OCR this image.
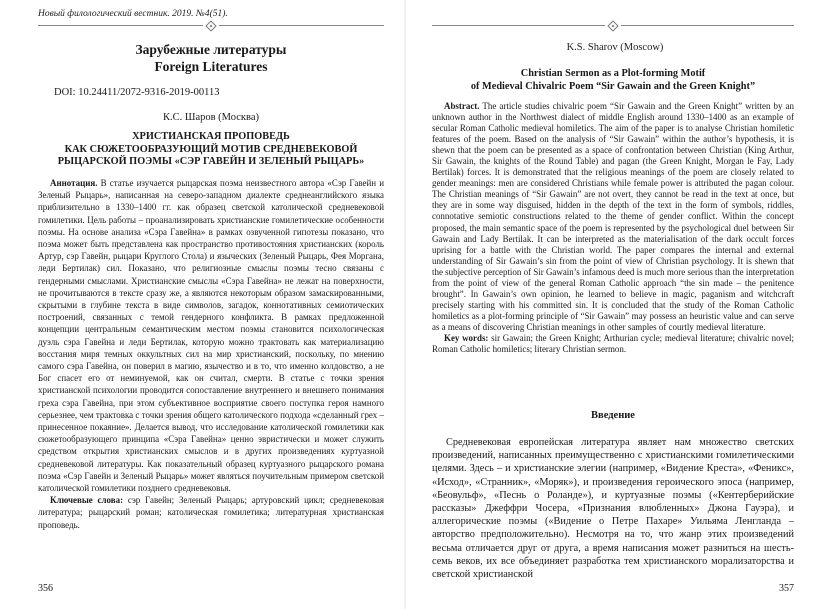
Новый филологический вестник. 2019. №4(51).
Зарубежные литературы
Foreign Literatures
DOI: 10.24411/2072-9316-2019-00113
К.С. Шаров (Москва)
ХРИСТИАНСКАЯ ПРОПОВЕДЬ
КАК СЮЖЕТООБРАЗУЮЩИЙ МОТИВ СРЕДНЕВЕКОВОЙ
РЫЦАРСКОЙ ПОЭМЫ «СЭР ГАВЕЙН И ЗЕЛЕНЫЙ РЫЦАРЬ»

Аннотация. В статье изучается рыцарская поэма неизвестного автора «Сэр Гавейн и Зеленый Рыцарь», написанная на северо-западном диалекте среднеанглийского языка приблизительно в 1330–1400 гг. как образец светской католической средневековой гомилетики. Цель работы – проанализировать христианские гомилетические особенности поэмы. На основе анализа «Сэра Гавейна» в рамках озвученной гипотезы показано, что поэма может быть представлена как пространство противостояния христианских (король Артур, сэр Гавейн, рыцари Круглого Стола) и языческих (Зеленый Рыцарь, Фея Моргана, леди Бертилак) сил. Показано, что религиозные смыслы поэмы тесно связаны с гендерными смыслами. Христианские смыслы «Сэра Гавейна» не лежат на поверхности, не прочитываются в тексте сразу же, а являются некоторым образом замаскированными, скрытыми в глубине текста в виде символов, загадок, коннотативных семиотических построений, связанных с темой гендерного конфликта. В рамках предложенной концепции центральным семантическим местом поэмы становится психологическая дуэль сэра Гавейна и леди Бертилак, которую можно трактовать как материализацию восстания миря темных оккультных сил на мир христианский, поскольку, по мнению самого сэра Гавейна, он поверил в магию, язычество и в то, что именно колдовство, а не Бог спасет его от неминуемой, как он считал, смерти. В статье с точки зрения христианской психологии проводится сопоставление внутреннего и внешнего понимания греха сэра Гавейна, при этом субъективное восприятие своего поступка героя намного серьезнее, чем трактовка с точки зрения общего католического подхода «сделанный грех – принесенное покаяние». Делается вывод, что исследование католической гомилетики как сюжетообразующего принципа «Сэра Гавейна» ценно эвристически и может служить средством открытия христианских смыслов и в других произведениях куртуазной средневековой литературы. Как показательный образец куртуазного рыцарского романа поэма «Сэр Гавейн и Зеленый Рыцарь» может являться поучительным примером светской католической гомилетики позднего средневековья.

Ключевые слова: сэр Гавейн; Зеленый Рыцарь; артуровский цикл; средневековая литература; рыцарский роман; католическая гомилетика; литературная христианская проповедь.

356
K.S. Sharov (Moscow)
Christian Sermon as a Plot-forming Motif
of Medieval Chivalric Poem “Sir Gawain and the Green Knight”

Abstract. The article studies chivalric poem “Sir Gawain and the Green Knight” written by an unknown author in the Northwest dialect of middle English around 1330–1400 as an example of secular Roman Catholic medieval homiletics. The aim of the paper is to analyse Christian homiletic features of the poem. Based on the analysis of “Sir Gawain” within the author’s hypothesis, it is shewn that the poem can be presented as a space of confrontation between Christian (King Arthur, Sir Gawain, the knights of the Round Table) and pagan (the Green Knight, Morgan le Fay, Lady Bertilak) forces. It is demonstrated that the religious meanings of the poem are closely related to gender meanings: men are considered Christians while female power is attributed the pagan colour. The Christian meanings of “Sir Gawain” are not overt, they cannot be read in the text at once, but they are in some way disguised, hidden in the depth of the text in the form of symbols, riddles, connotative semiotic constructions related to the theme of gender conflict. Within the concept proposed, the main semantic space of the poem is represented by the psychological duel between Sir Gawain and Lady Bertilak. It can be interpreted as the materialisation of the dark occult forces uprising for a battle with the Christian world. The paper compares the internal and external understanding of Sir Gawain’s sin from the point of view of Christian psychology. It is shewn that the subjective perception of Sir Gawain’s infamous deed is much more serious than the interpretation from the point of view of the general Roman Catholic approach “the sin made – the penitence brought”. In Gawain’s own opinion, he learned to believe in magic, paganism and witchcraft precisely starting with his committed sin. It is concluded that the study of the Roman Catholic homiletics as a plot-forming principle of “Sir Gawain” may possess an heuristic value and can serve as a means of discovering Christian meanings in other samples of courtly medieval literature.

Key words: sir Gawain; the Green Knight; Arthurian cycle; medieval literature; chivalric novel; Roman Catholic homiletics; literary Christian sermon.

Введение

Средневековая европейская литература являет нам множество светских произведений, написанных преимущественно с христианскими гомилетическими целями. Здесь – и христианские элегии (например, «Видение Креста», «Феникс», «Исход», «Странник», «Моряк»), и произведения героического эпоса (например, «Беовульф», «Песнь о Роланде»), и куртуазные поэмы («Кентерберийские рассказы» Джеффри Чосера, «Признания влюбленных» Джона Гауэра), и аллегорические поэмы («Видение о Петре Пахаре» Уильяма Ленгланда – авторство предположительно). Несмотря на то, что жанр этих произведений весьма отличается друг от друга, а время написания может разниться на шесть-семь веков, их все объединяет разработка тем христианского морализаторства и светской христианской

357
